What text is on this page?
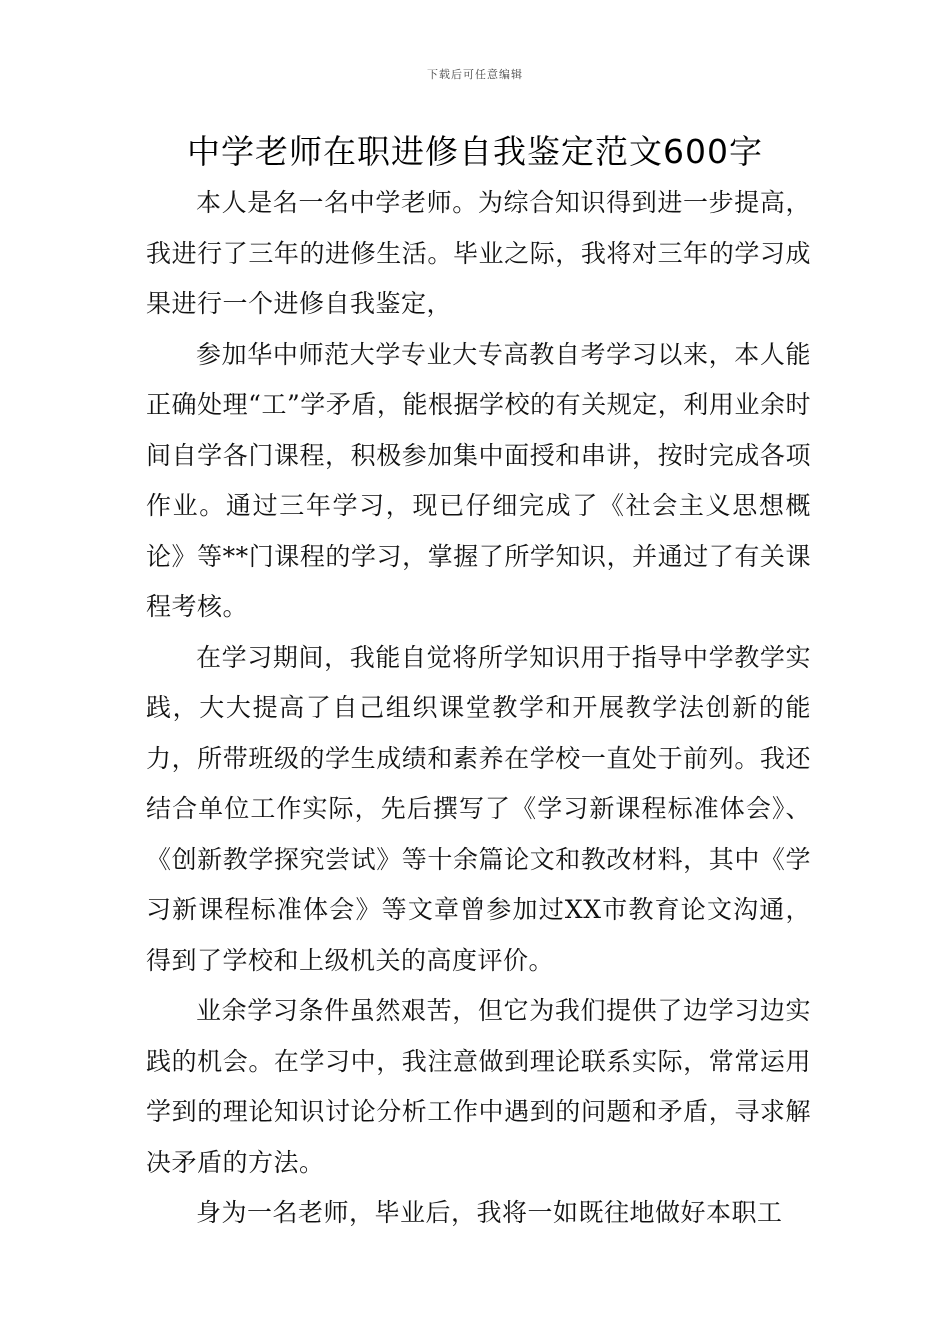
下载后可任意编辑
中学老师在职进修自我鉴定范文600字

本人是名一名中学老师。为综合知识得到进一步提高，我进行了三年的进修生活。毕业之际，我将对三年的学习成果进行一个进修自我鉴定，

参加华中师范大学专业大专高教自考学习以来，本人能正确处理“工”学矛盾，能根据学校的有关规定，利用业余时间自学各门课程，积极参加集中面授和串讲，按时完成各项作业。通过三年学习，现已仔细完成了《社会主义思想概论》等**门课程的学习，掌握了所学知识，并通过了有关课程考核。

在学习期间，我能自觉将所学知识用于指导中学教学实践，大大提高了自己组织课堂教学和开展教学法创新的能力，所带班级的学生成绩和素养在学校一直处于前列。我还结合单位工作实际，先后撰写了《学习新课程标准体会》、《创新教学探究尝试》等十余篇论文和教改材料，其中《学习新课程标准体会》等文章曾参加过XX市教育论文沟通，得到了学校和上级机关的高度评价。

业余学习条件虽然艰苦，但它为我们提供了边学习边实践的机会。在学习中，我注意做到理论联系实际，常常运用学到的理论知识讨论分析工作中遇到的问题和矛盾，寻求解决矛盾的方法。

身为一名老师，毕业后，我将一如既往地做好本职工
